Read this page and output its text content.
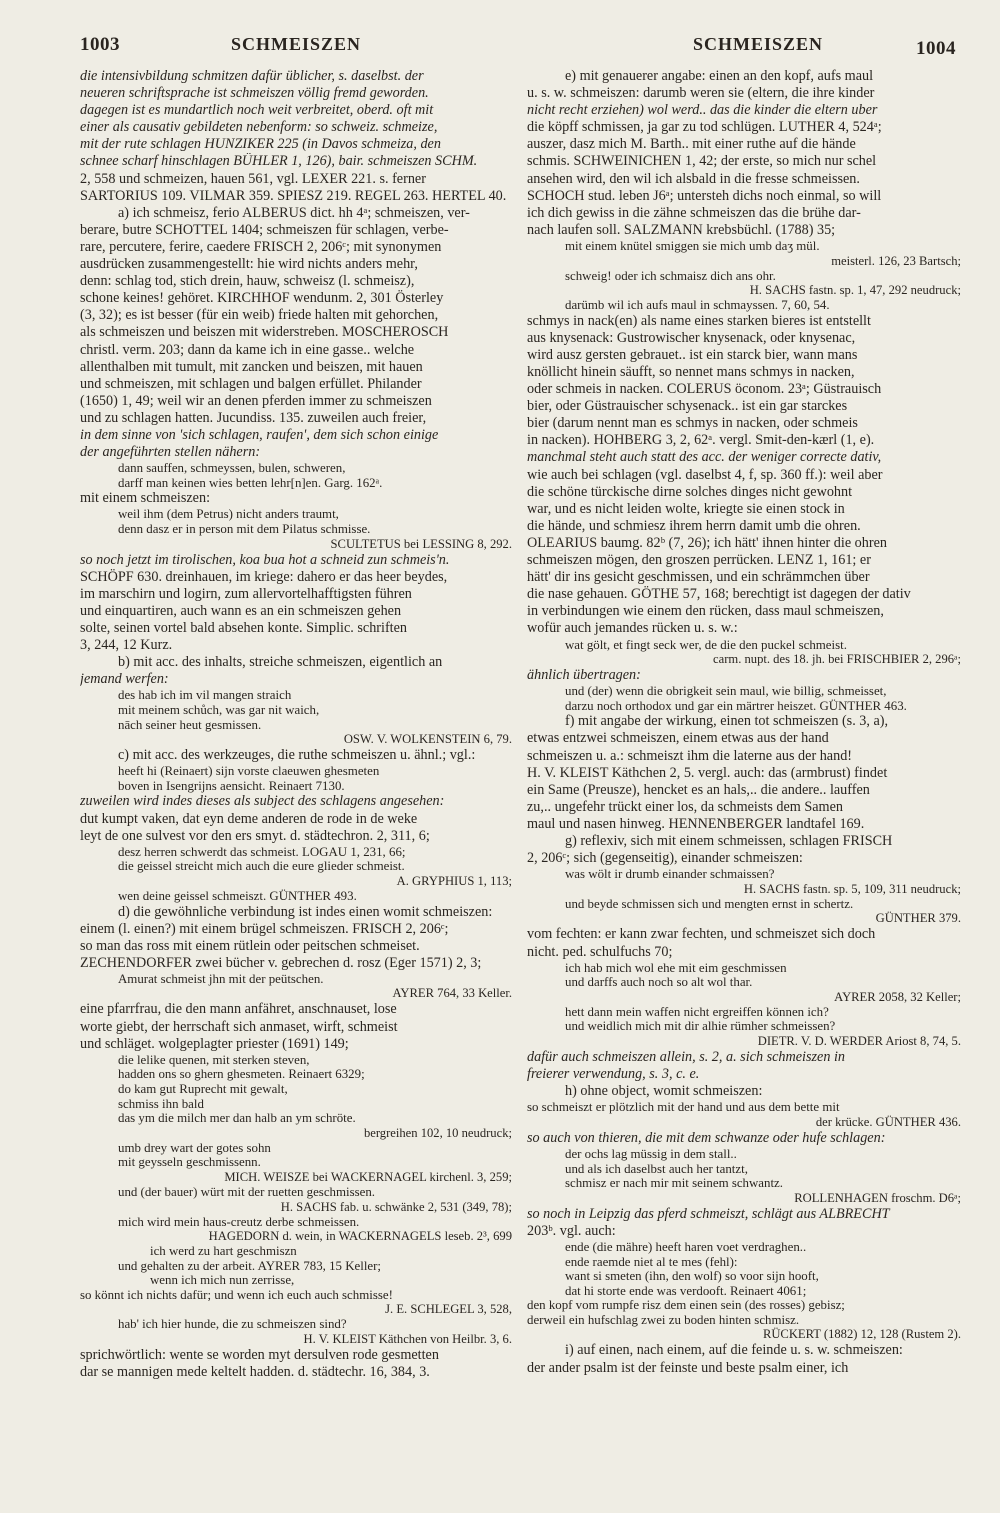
1003	SCHMEISZEN	SCHMEISZEN	1004
die intensivbildung schmitzen dafür üblicher, s. daselbst. der
neueren schriftsprache ist schmeiszen völlig fremd geworden.
dagegen ist es mundartlich noch weit verbreitet, oberd. oft mit
einer als causativ gebildeten nebenform: so schweiz. schmeize,
mit der rute schlagen HUNZIKER 225 (in Davos schmeiza, den
schnee scharf hinschlagen BÜHLER 1, 126), bair. schmeiszen SCHM.
2, 558 und schmeizen, hauen 561, vgl. LEXER 221. s. ferner
SARTORIUS 109. VILMAR 359. SPIESZ 219. REGEL 263. HERTEL 40.
a) ich schmeisz, ferio ALBERUS dict. hh 4ᵃ; schmeiszen, ver-
berare, butre SCHOTTEL 1404; schmeiszen für schlagen, verbe-
rare, percutere, ferire, caedere FRISCH 2, 206ᶜ; mit synonymen
ausdrücken zusammengestellt: hie wird nichts anders mehr,
denn: schlag tod, stich drein, hauw, schweisz (l. schmeisz),
schone keines! gehöret. KIRCHHOF wendunm. 2, 301 Österley
(3, 32); es ist besser (für ein weib) friede halten mit gehorchen,
als schmeiszen und beiszen mit widerstreben. MOSCHEROSCH
christl. verm. 203; dann da kame ich in eine gasse.. welche
allenthalben mit tumult, mit zancken und beiszen, mit hauen
und schmeiszen, mit schlagen und balgen erfüllet. Philander
(1650) 1, 49; weil wir an denen pferden immer zu schmeiszen
und zu schlagen hatten. Jucundiss. 135. zuweilen auch freier,
in dem sinne von 'sich schlagen, raufen', dem sich schon einige
der angeführten stellen nähern:
dann sauffen, schmeyssen, bulen, schweren,
darff man keinen wies betten lehr[n]en. Garg. 162ᵃ.
mit einem schmeiszen:
weil ihm (dem Petrus) nicht anders traumt,
denn dasz er in person mit dem Pilatus schmisse.
SCULTETUS bei LESSING 8, 292.
so noch jetzt im tirolischen, koa bua hot a schneid zun schmeis'n.
SCHÖPF 630. dreinhauen, im kriege: dahero er das heer beydes,
im marschirn und logirn, zum allervortelhafftigsten führen
und einquartiren, auch wann es an ein schmeiszen gehen
solte, seinen vortel bald absehen konte. Simplic. schriften
3, 244, 12 Kurz.
b) mit acc. des inhalts, streiche schmeiszen, eigentlich an
jemand werfen:
des hab ich im vil mangen straich
mit meinem schůch, was gar nit waich,
nāch seiner heut gesmissen.
OSW. V. WOLKENSTEIN 6, 79.
c) mit acc. des werkzeuges, die ruthe schmeiszen u. ähnl.; vgl.:
heeft hi (Reinaert) sijn vorste claeuwen ghesmeten
boven in Isengrijns aensicht. Reinaert 7130.
zuweilen wird indes dieses als subject des schlagens angesehen:
dut kumpt vaken, dat eyn deme anderen de rode in de weke
leyt de one sulvest vor den ers smyt. d. städtechron. 2, 311, 6;
desz herren schwerdt das schmeist. LOGAU 1, 231, 66;
die geissel streicht mich auch die eure glieder schmeist.
A. GRYPHIUS 1, 113;
wen deine geissel schmeiszt. GÜNTHER 493.
d) die gewöhnliche verbindung ist indes einen womit schmeiszen:
einem (l. einen?) mit einem brügel schmeiszen. FRISCH 2, 206ᶜ;
so man das ross mit einem rütlein oder peitschen schmeiset.
ZECHENDORFER zwei bücher v. gebrechen d. rosz (Eger 1571) 2, 3;
Amurat schmeist jhn mit der peütschen.
AYRER 764, 33 Keller.
eine pfarrfrau, die den mann anfähret, anschnauset, lose
worte giebt, der herrschaft sich anmaset, wirft, schmeist
und schläget. wolgeplagter priester (1691) 149;
die lelike quenen, mit sterken steven,
hadden ons so ghern ghesmeten. Reinaert 6329;
do kam gut Ruprecht mit gewalt,
schmiss ihn bald
das ym die milch mer dan halb an ym schröte.
bergreihen 102, 10 neudruck;
umb drey wart der gotes sohn
mit geysseln geschmissenn.
MICH. WEISZE bei WACKERNAGEL kirchenl. 3, 259;
und (der bauer) würt mit der ruetten geschmissen.
H. SACHS fab. u. schwänke 2, 531 (349, 78);
mich wird mein haus-creutz derbe schmeissen.
HAGEDORN d. wein, in WACKERNAGELS leseb. 2³, 699
ich werd zu hart geschmiszn
und gehalten zu der arbeit. AYRER 783, 15 Keller;
wenn ich mich nun zerrisse,
so könnt ich nichts dafür; und wenn ich euch auch schmisse!
J. E. SCHLEGEL 3, 528,
hab' ich hier hunde, die zu schmeiszen sind?
H. V. KLEIST Käthchen von Heilbr. 3, 6.
sprichwörtlich: wente se worden myt dersulven rode gesmetten
dar se mannigen mede keltelt hadden. d. städtechr. 16, 384, 3.
e) mit genauerer angabe: einen an den kopf, aufs maul
u. s. w. schmeiszen: darumb weren sie (eltern, die ihre kinder
nicht recht erziehen) wol werd.. das die kinder die eltern uber
die köpff schmissen, ja gar zu tod schlügen. LUTHER 4, 524ᵃ;
auszer, dasz mich M. Barth.. mit einer ruthe auf die hände
schmis. SCHWEINICHEN 1, 42; der erste, so mich nur schel
ansehen wird, den wil ich alsbald in die fresse schmeissen.
SCHOCH stud. leben J6ᵃ; untersteh dichs noch einmal, so will
ich dich gewiss in die zähne schmeiszen das die brühe dar-
nach laufen soll. SALZMANN krebsbüchl. (1788) 35;
mit einem knütel smiggen sie mich umb daʒ mül.
meisterl. 126, 23 Bartsch;
schweig! oder ich schmaisz dich ans ohr.
H. SACHS fastn. sp. 1, 47, 292 neudruck;
darümb wil ich aufs maul in schmayssen. 7, 60, 54.
schmys in nack(en) als name eines starken bieres ist entstellt
aus knysenack: Gustrowischer knysenack, oder knysenac,
wird ausz gersten gebrauet.. ist ein starck bier, wann mans
knöllicht hinein säufft, so nennet mans schmys in nacken,
oder schmeis in nacken. COLERUS öconom. 23ᵃ; Güstrauisch
bier, oder Güstrauischer schysenack.. ist ein gar starckes
bier (darum nennt man es schmys in nacken, oder schmeis
in nacken). HOHBERG 3, 2, 62ᵃ. vergl. Smit-den-kærl (1, e).
manchmal steht auch statt des acc. der weniger correcte dativ,
wie auch bei schlagen (vgl. daselbst 4, f, sp. 360 ff.): weil aber
die schöne türckische dirne solches dinges nicht gewohnt
war, und es nicht leiden wolte, kriegte sie einen stock in
die hände, und schmiesz ihrem herrn damit umb die ohren.
OLEARIUS baumg. 82ᵇ (7, 26); ich hätt' ihnen hinter die ohren
schmeiszen mögen, den groszen perrücken. LENZ 1, 161; er
hätt' dir ins gesicht geschmissen, und ein schrämmchen über
die nase gehauen. GÖTHE 57, 168; berechtigt ist dagegen der dativ
in verbindungen wie einem den rücken, dass maul schmeiszen,
wofür auch jemandes rücken u. s. w.:
wat gölt, et fingt seck wer, de die den puckel schmeist.
carm. nupt. des 18. jh. bei FRISCHBIER 2, 296ᵃ;
ähnlich übertragen:
und (der) wenn die obrigkeit sein maul, wie billig, schmeisset,
darzu noch orthodox und gar ein märtrer heiszet. GÜNTHER 463.
f) mit angabe der wirkung, einen tot schmeiszen (s. 3, a),
etwas entzwei schmeiszen, einem etwas aus der hand
schmeiszen u. a.: schmeiszt ihm die laterne aus der hand!
H. V. KLEIST Käthchen 2, 5. vergl. auch: das (armbrust) findet
ein Same (Preusze), hencket es an hals,.. die andere.. lauffen
zu,.. ungefehr trückt einer los, da schmeists dem Samen
maul und nasen hinweg. HENNENBERGER landtafel 169.
g) reflexiv, sich mit einem schmeissen, schlagen FRISCH
2, 206ᶜ; sich (gegenseitig), einander schmeiszen:
was wölt ir drumb einander schmaissen?
H. SACHS fastn. sp. 5, 109, 311 neudruck;
und beyde schmissen sich und mengten ernst in schertz.
GÜNTHER 379.
vom fechten: er kann zwar fechten, und schmeiszet sich doch
nicht. ped. schulfuchs 70;
ich hab mich wol ehe mit eim geschmissen
und darffs auch noch so alt wol thar.
AYRER 2058, 32 Keller;
hett dann mein waffen nicht ergreiffen können ich?
und weidlich mich mit dir alhie rümher schmeissen?
DIETR. V. D. WERDER Ariost 8, 74, 5.
dafür auch schmeiszen allein, s. 2, a. sich schmeiszen in
freierer verwendung, s. 3, c. e.
h) ohne object, womit schmeiszen:
so schmeiszt er plötzlich mit der hand und aus dem bette mit
der krücke. GÜNTHER 436.
so auch von thieren, die mit dem schwanze oder hufe schlagen:
der ochs lag müssig in dem stall..
und als ich daselbst auch her tantzt,
schmisz er nach mir mit seinem schwantz.
ROLLENHAGEN froschm. D6ᵃ;
so noch in Leipzig das pferd schmeiszt, schlägt aus ALBRECHT
203ᵇ. vgl. auch:
ende (die mähre) heeft haren voet verdraghen..
ende raemde niet al te mes (fehl):
want si smeten (ihn, den wolf) so voor sijn hooft,
dat hi storte ende was verdooft. Reinaert 4061;
den kopf vom rumpfe risz dem einen sein (des rosses) gebisz;
derweil ein hufschlag zwei zu boden hinten schmisz.
RÜCKERT (1882) 12, 128 (Rustem 2).
i) auf einen, nach einem, auf die feinde u. s. w. schmeiszen:
der ander psalm ist der feinste und beste psalm einer, ich
